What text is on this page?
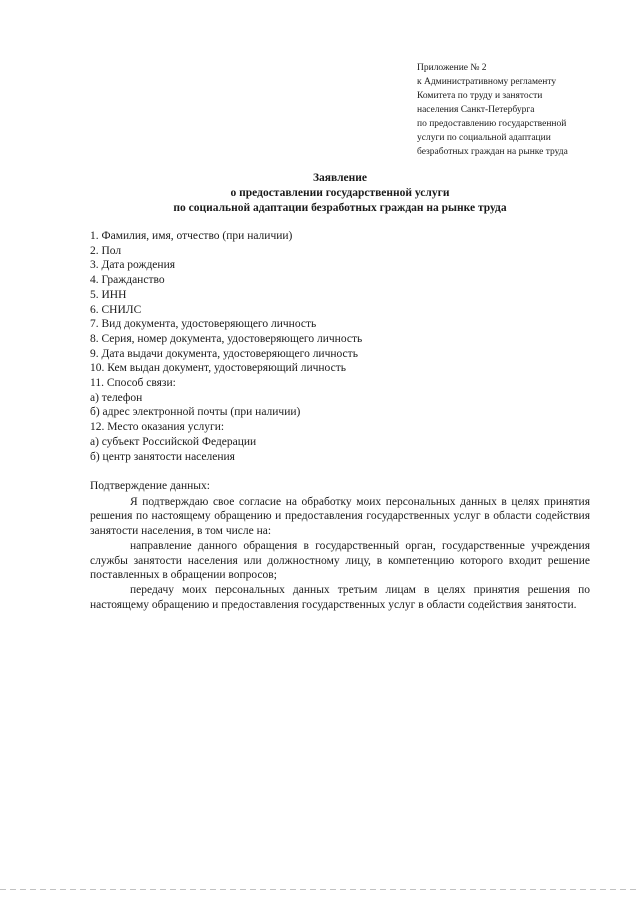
Приложение № 2
к Административному регламенту
Комитета по труду и занятости
населения Санкт-Петербурга
по предоставлению государственной
услуги по социальной адаптации
безработных граждан на рынке труда
Заявление
о предоставлении государственной услуги
по социальной адаптации безработных граждан на рынке труда
1. Фамилия, имя, отчество (при наличии)
2. Пол
3. Дата рождения
4. Гражданство
5. ИНН
6. СНИЛС
7. Вид документа, удостоверяющего личность
8. Серия, номер документа, удостоверяющего личность
9. Дата выдачи документа, удостоверяющего личность
10. Кем выдан документ, удостоверяющий личность
11. Способ связи:
а) телефон
б) адрес электронной почты (при наличии)
12. Место оказания услуги:
а) субъект Российской Федерации
б) центр занятости населения
Подтверждение данных:

Я подтверждаю свое согласие на обработку моих персональных данных в целях принятия решения по настоящему обращению и предоставления государственных услуг в области содействия занятости населения, в том числе на:

направление данного обращения в государственный орган, государственные учреждения службы занятости населения или должностному лицу, в компетенцию которого входит решение поставленных в обращении вопросов;

передачу моих персональных данных третьим лицам в целях принятия решения по настоящему обращению и предоставления государственных услуг в области содействия занятости.
